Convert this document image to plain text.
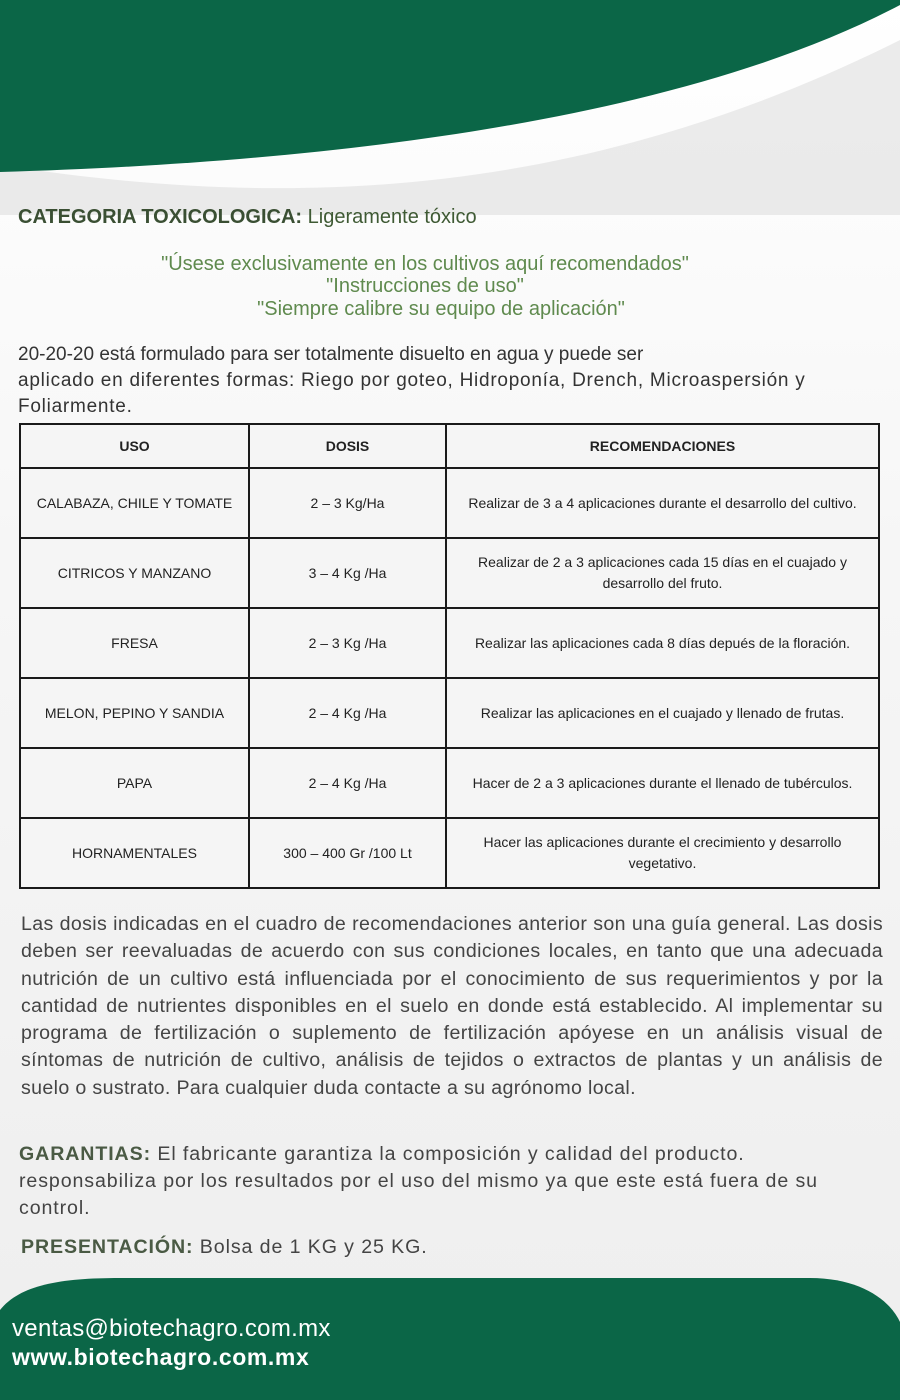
CATEGORIA TOXICOLOGICA: Ligeramente tóxico
"Úsese exclusivamente en los cultivos aquí recomendados"
"Instrucciones de uso"
"Siempre calibre su equipo de aplicación"
20-20-20 está formulado para ser totalmente disuelto en agua y puede ser
aplicado en diferentes formas: Riego por goteo, Hidroponía, Drench, Microaspersión y
Foliarmente.
USO	DOSIS	RECOMENDACIONES
CALABAZA, CHILE Y TOMATE	2 – 3 Kg/Ha	Realizar de 3 a 4 aplicaciones durante el desarrollo del cultivo.
CITRICOS Y MANZANO	3 – 4 Kg /Ha	Realizar de 2 a 3 aplicaciones cada 15 días en el cuajado y desarrollo del fruto.
FRESA	2 – 3 Kg /Ha	Realizar las aplicaciones cada 8 días depués de la floración.
MELON, PEPINO Y SANDIA	2 – 4 Kg /Ha	Realizar las aplicaciones en el cuajado y llenado de frutas.
PAPA	2 – 4 Kg /Ha	Hacer de 2 a 3 aplicaciones durante el llenado de tubérculos.
HORNAMENTALES	300 – 400 Gr /100 Lt	Hacer las aplicaciones durante el crecimiento y desarrollo vegetativo.
Las dosis indicadas en el cuadro de recomendaciones anterior son una guía general. Las dosis deben ser reevaluadas de acuerdo con sus condiciones locales, en tanto que una adecuada nutrición de un cultivo está influenciada por el conocimiento de sus requerimientos y por la cantidad de nutrientes disponibles en el suelo en donde está establecido. Al implementar su programa de fertilización o suplemento de fertilización apóyese en un análisis visual de síntomas de nutrición de cultivo, análisis de tejidos o extractos de plantas y un análisis de suelo o sustrato. Para cualquier duda contacte a su agrónomo local.
GARANTIAS: El fabricante garantiza la composición y calidad del producto. responsabiliza por los resultados por el uso del mismo ya que este está fuera de su control.
PRESENTACIÓN: Bolsa de 1 KG y 25 KG.
ventas@biotechagro.com.mx
www.biotechagro.com.mx
